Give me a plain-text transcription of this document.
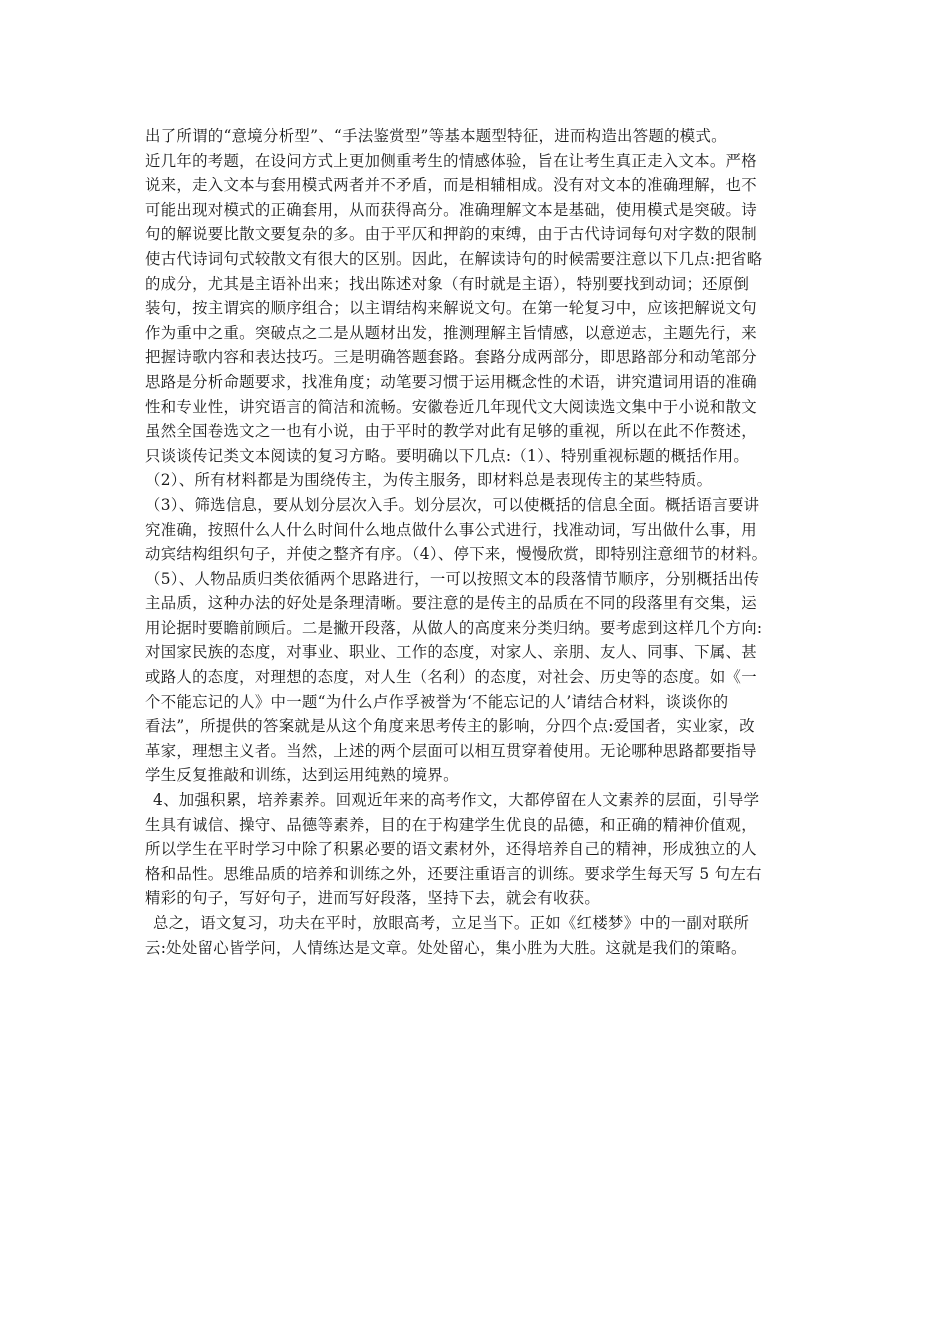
出了所谓的“意境分析型”、“手法鉴赏型”等基本题型特征，进而构造出答题的模式。
近几年的考题，在设问方式上更加侧重考生的情感体验，旨在让考生真正走入文本。严格
说来，走入文本与套用模式两者并不矛盾，而是相辅相成。没有对文本的准确理解，也不
可能出现对模式的正确套用，从而获得高分。准确理解文本是基础，使用模式是突破。诗
句的解说要比散文要复杂的多。由于平仄和押韵的束缚，由于古代诗词每句对字数的限制
使古代诗词句式较散文有很大的区别。因此，在解读诗句的时候需要注意以下几点:把省略
的成分，尤其是主语补出来；找出陈述对象（有时就是主语），特别要找到动词；还原倒
装句，按主谓宾的顺序组合；以主谓结构来解说文句。在第一轮复习中，应该把解说文句
作为重中之重。突破点之二是从题材出发，推测理解主旨情感，以意逆志，主题先行，来
把握诗歌内容和表达技巧。三是明确答题套路。套路分成两部分，即思路部分和动笔部分
思路是分析命题要求，找准角度；动笔要习惯于运用概念性的术语，讲究遣词用语的准确
性和专业性，讲究语言的简洁和流畅。安徽卷近几年现代文大阅读选文集中于小说和散文
虽然全国卷选文之一也有小说，由于平时的教学对此有足够的重视，所以在此不作赘述，
只谈谈传记类文本阅读的复习方略。要明确以下几点:（1）、特别重视标题的概括作用。
（2）、所有材料都是为围绕传主，为传主服务，即材料总是表现传主的某些特质。
（3）、筛选信息，要从划分层次入手。划分层次，可以使概括的信息全面。概括语言要讲
究准确，按照什么人什么时间什么地点做什么事公式进行，找准动词，写出做什么事，用
动宾结构组织句子，并使之整齐有序。（4）、停下来，慢慢欣赏，即特别注意细节的材料。
（5）、人物品质归类依循两个思路进行，一可以按照文本的段落情节顺序，分别概括出传
主品质，这种办法的好处是条理清晰。要注意的是传主的品质在不同的段落里有交集，运
用论据时要瞻前顾后。二是撇开段落，从做人的高度来分类归纳。要考虑到这样几个方向:
对国家民族的态度，对事业、职业、工作的态度，对家人、亲朋、友人、同事、下属、甚
或路人的态度，对理想的态度，对人生（名利）的态度，对社会、历史等的态度。如《一
个不能忘记的人》中一题“为什么卢作孚被誉为‘不能忘记的人’请结合材料，谈谈你的
看法”，所提供的答案就是从这个角度来思考传主的影响，分四个点:爱国者，实业家，改
革家，理想主义者。当然，上述的两个层面可以相互贯穿着使用。无论哪种思路都要指导
学生反复推敲和训练，达到运用纯熟的境界。
4、加强积累，培养素养。回观近年来的高考作文，大都停留在人文素养的层面，引导学
生具有诚信、操守、品德等素养，目的在于构建学生优良的品德，和正确的精神价值观，
所以学生在平时学习中除了积累必要的语文素材外，还得培养自己的精神，形成独立的人
格和品性。思维品质的培养和训练之外，还要注重语言的训练。要求学生每天写 5 句左右
精彩的句子，写好句子，进而写好段落，坚持下去，就会有收获。
总之，语文复习，功夫在平时，放眼高考，立足当下。正如《红楼梦》中的一副对联所
云:处处留心皆学问，人情练达是文章。处处留心，集小胜为大胜。这就是我们的策略。
